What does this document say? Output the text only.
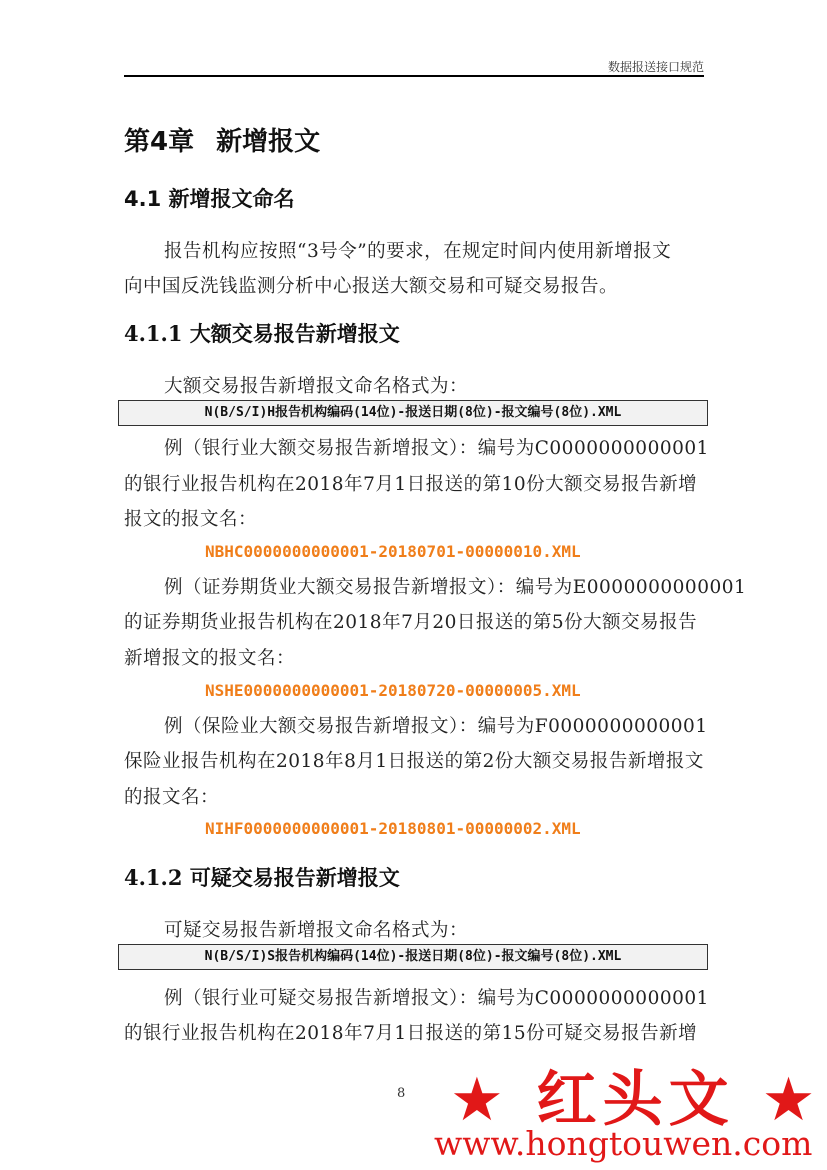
数据报送接口规范
第4章 新增报文
4.1 新增报文命名
报告机构应按照“3号令”的要求，在规定时间内使用新增报文
向中国反洗钱监测分析中心报送大额交易和可疑交易报告。
4.1.1 大额交易报告新增报文
大额交易报告新增报文命名格式为：
N(B/S/I)H报告机构编码(14位)-报送日期(8位)-报文编号(8位).XML
例（银行业大额交易报告新增报文）：编号为C0000000000001
的银行业报告机构在2018年7月1日报送的第10份大额交易报告新增
报文的报文名：
NBHC0000000000001-20180701-00000010.XML
例（证券期货业大额交易报告新增报文）：编号为E0000000000001
的证券期货业报告机构在2018年7月20日报送的第5份大额交易报告
新增报文的报文名：
NSHE0000000000001-20180720-00000005.XML
例（保险业大额交易报告新增报文）：编号为F0000000000001
保险业报告机构在2018年8月1日报送的第2份大额交易报告新增报文
的报文名：
NIHF0000000000001-20180801-00000002.XML
4.1.2 可疑交易报告新增报文
可疑交易报告新增报文命名格式为：
N(B/S/I)S报告机构编码(14位)-报送日期(8位)-报文编号(8位).XML
例（银行业可疑交易报告新增报文）：编号为C0000000000001
的银行业报告机构在2018年7月1日报送的第15份可疑交易报告新增
8 ★ 红头文 ★
www.hongtouwen.com
